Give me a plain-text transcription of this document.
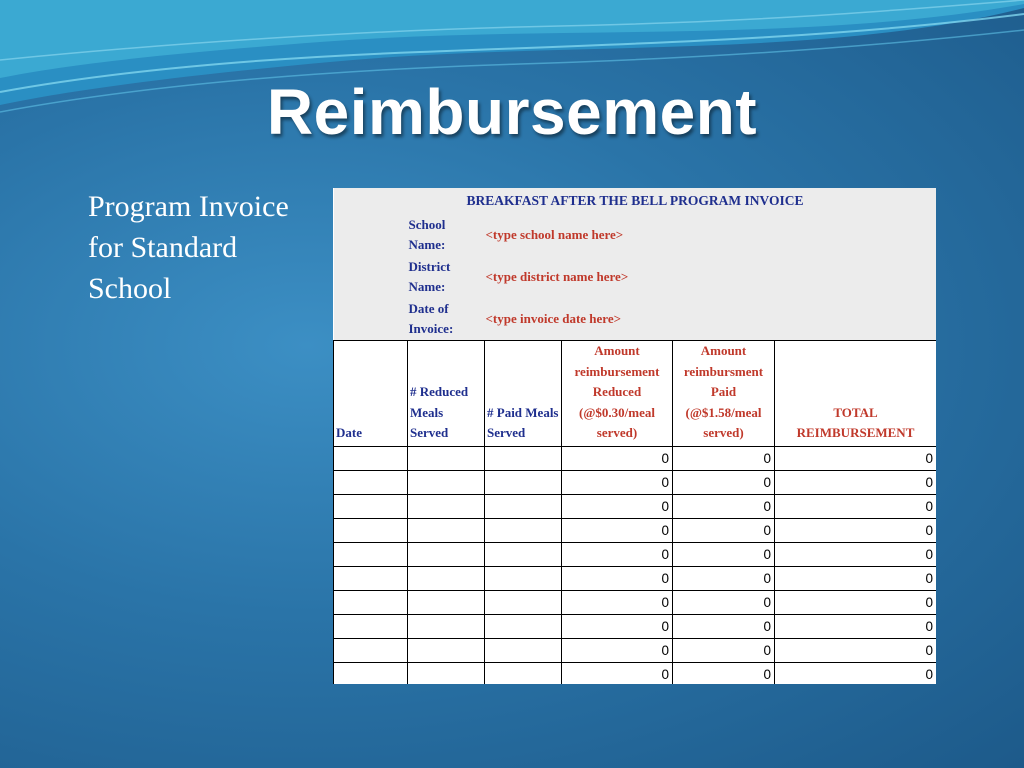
Reimbursement
Program Invoice for Standard School
BREAKFAST AFTER THE BELL PROGRAM INVOICE					
	School Name:	<type school name here>			
	District Name:	<type district name here>			
	Date of Invoice:	<type invoice date here>			
Date	# Reduced Meals Served	# Paid Meals Served	Amount reimbursement Reduced (@$0.30/meal served)	Amount reimbursment Paid (@$1.58/meal served)	TOTAL REIMBURSEMENT
			0	0	0
			0	0	0
			0	0	0
			0	0	0
			0	0	0
			0	0	0
			0	0	0
			0	0	0
			0	0	0
			0	0	0
